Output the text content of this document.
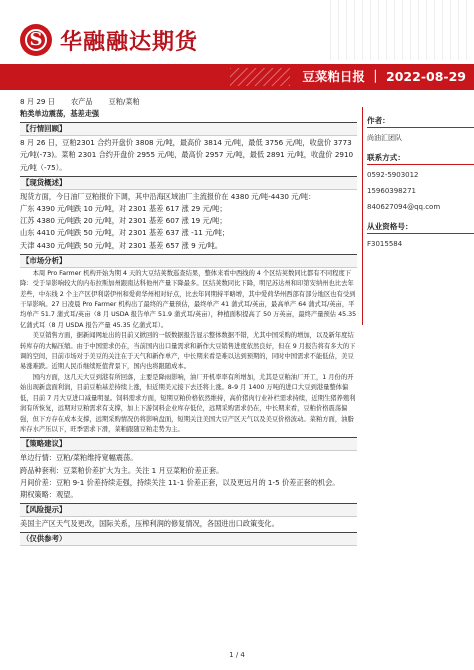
S 华融融达期货
豆菜粕日报 ｜ 2022-08-29
8 月 29 日 农产品 豆粕/菜粕

粕类单边震荡，基差走强

【行情回顾】

8 月 26 日，豆粕2301 合约开盘价 3808 元/吨，最高价 3814 元/吨，最低 3756 元/吨，收盘价 3773 元/吨(-73)。菜粕 2301 合约开盘价 2955 元/吨，最高价 2957 元/吨，最低 2891 元/吨，收盘价 2910 元/吨（-75）。

【现货概述】

现货方面，今日油厂豆粕报价下调，其中沿海区域油厂主流报价在 4380 元/吨-4430 元/吨：

广东 4390 元/吨跌 10 元/吨，对 2301 基差 617 涨 29 元/吨；

江苏 4380 元/吨跌 20 元/吨，对 2301 基差 607 涨 19 元/吨；

山东 4410 元/吨跌 50 元/吨，对 2301 基差 637 涨 -11 元/吨；

天津 4430 元/吨跌 50 元/吨，对 2301 基差 657 涨 9 元/吨。

【市场分析】

本周 Pro Farmer 机构开始为期 4 天的大豆结荚数巡查结果，整体来看中西线的 4 个区结荚数同比都有不同程度下降：受于旱影响较大的内布拉斯加州跟南达科他州产量下降最多。区结荚数同比下降，明尼苏达州和印第安纳州也比去年差些，中东线 2 个主产区伊利诺伊州和爱荷华州相对好点，比去年同期持平略增，其中爱荷华州西部有部分地区也有受到干旱影响。27 日凌晨 Pro Farmer 机构出了最终的产量预估，最终单产 41 蒲式耳/英亩，最高单产 64 蒲式耳/英亩，平均单产 51.7 蒲式耳/英亩（8 月 USDA 报告单产 51.9 蒲式耳/英亩），种植面积提高了 50 万英亩，最终产量预估 45.35 亿蒲式耳（8 月 USDA 报告产量 45.35 亿蒲式耳）。

美豆销售方面，据新闻网址出的目前又掀回的一版数据报告显示整体数据不错，尤其中国采购的增加，以及新年度结转库存的大幅压缩。由于中国需求仍在，当前国内出口量需求和新作大豆销售进度依然良好，但在 9 月报告将有多大的下调的空间，目前市场对于美豆的关注在于天气和新作单产，中长期来看是难以达到预期的，同时中国需求不能低估，美豆易涨难跌。近期人民币继续贬值背景下，国内也将跟随成本。

国内方面，这几天大豆到港有所回落，主要是降雨影响，油厂开机率率有所增加，尤其是豆粕油厂开工，1 月份的开始出现新盘面利润，目前豆粕基差持续上涨，但近期美元接下去还将上涨。8-9 月 1400 万吨的进口大豆到港量整体偏低，目前 7 月大豆进口减量明显。饲料需求方面，短期豆粕价格依然维持，高价猪肉行业补栏需求持续，近期生猪养殖利润有所恢复，远期对豆粕需求有支撑，加上下游饲料企业库存低位，远期采购需求仍在，中长期来看，豆粕价格震荡偏强，但下方存在成本支撑，远期采购情况仍将影响盘面，短期关注美国大豆产区天气以及美豆价格波动。菜粕方面，油脂库存水产压以下，旺季需求下滑，菜粕跟随豆粕走势为主。

【策略建议】

单边行情：豆粕/菜粕维持宽幅震荡。

跨品种套利：豆菜粕价差扩大为主。关注 1 月豆菜粕价差正套。

月间价差：豆粕 9-1 价差持续走强，持续关注 11-1 价差正套，以及更远月的 1-5 价差正套的机会。

期权策略：观望。

【风险提示】

美国主产区天气及更改，国际关系，压榨利润的修复情况，各国进出口政策变化。

（仅供参考）
作者：
尚油汇团队
联系方式：
0592-5903012
15960398271
840627094@qq.com
从业资格号：
F3015584
1 / 4
